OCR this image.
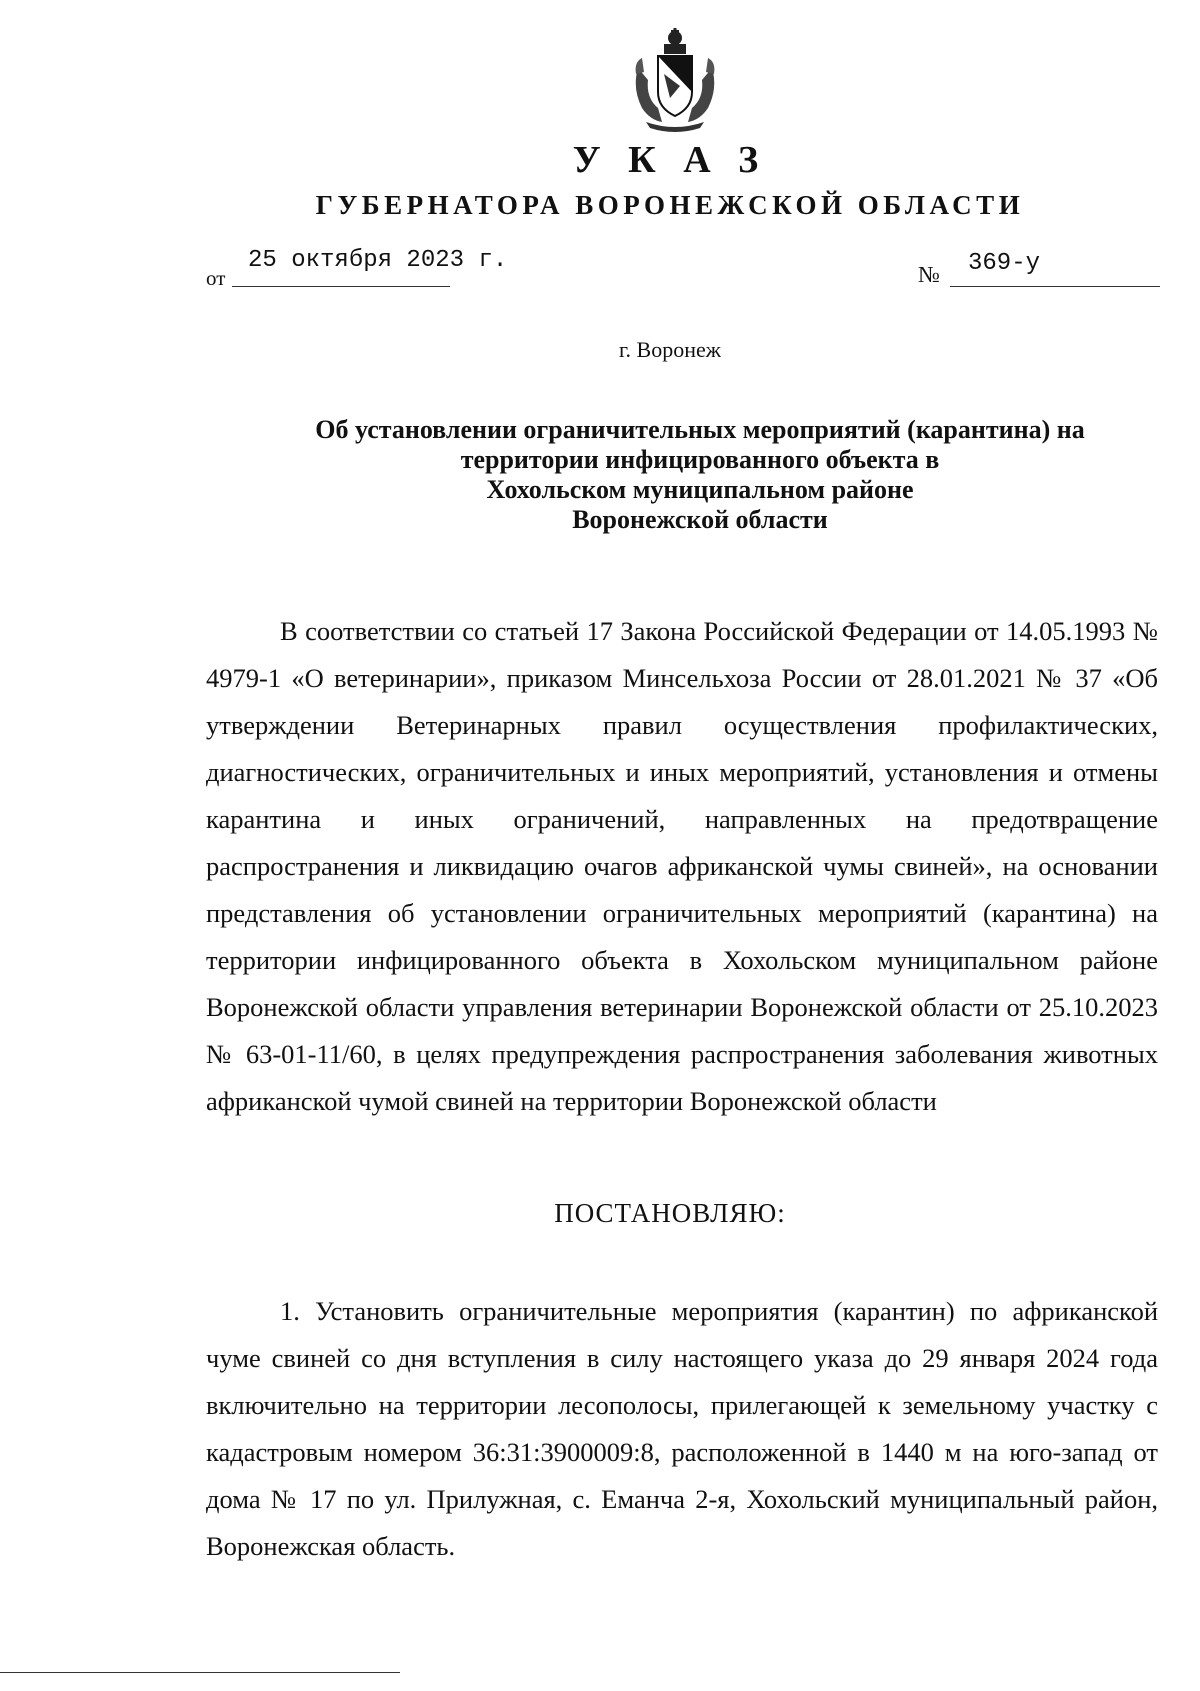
У К А З
ГУБЕРНАТОРА ВОРОНЕЖСКОЙ ОБЛАСТИ
от
25 октября 2023 г.
№ 369-у
г. Воронеж
Об установлении ограничительных мероприятий (карантина) на
территории инфицированного объекта в
Хохольском муниципальном районе
Воронежской области

В соответствии со статьей 17 Закона Российской Федерации от 14.05.1993 № 4979-1 «О ветеринарии», приказом Минсельхоза России от 28.01.2021 № 37 «Об утверждении Ветеринарных правил осуществления профилактических, диагностических, ограничительных и иных мероприятий, установления и отмены карантина и иных ограничений, направленных на предотвращение распространения и ликвидацию очагов африканской чумы свиней», на основании представления об установлении ограничительных мероприятий (карантина) на территории инфицированного объекта в Хохольском муниципальном районе Воронежской области управления ветеринарии Воронежской области от 25.10.2023 № 63-01-11/60, в целях предупреждения распространения заболевания животных африканской чумой свиней на территории Воронежской области

ПОСТАНОВЛЯЮ:

1. Установить ограничительные мероприятия (карантин) по африканской чуме свиней со дня вступления в силу настоящего указа до 29 января 2024 года включительно на территории лесополосы, прилегающей к земельному участку с кадастровым номером 36:31:3900009:8, расположенной в 1440 м на юго-запад от дома № 17 по ул. Прилужная, с. Еманча 2-я, Хохольский муниципальный район, Воронежская область.
